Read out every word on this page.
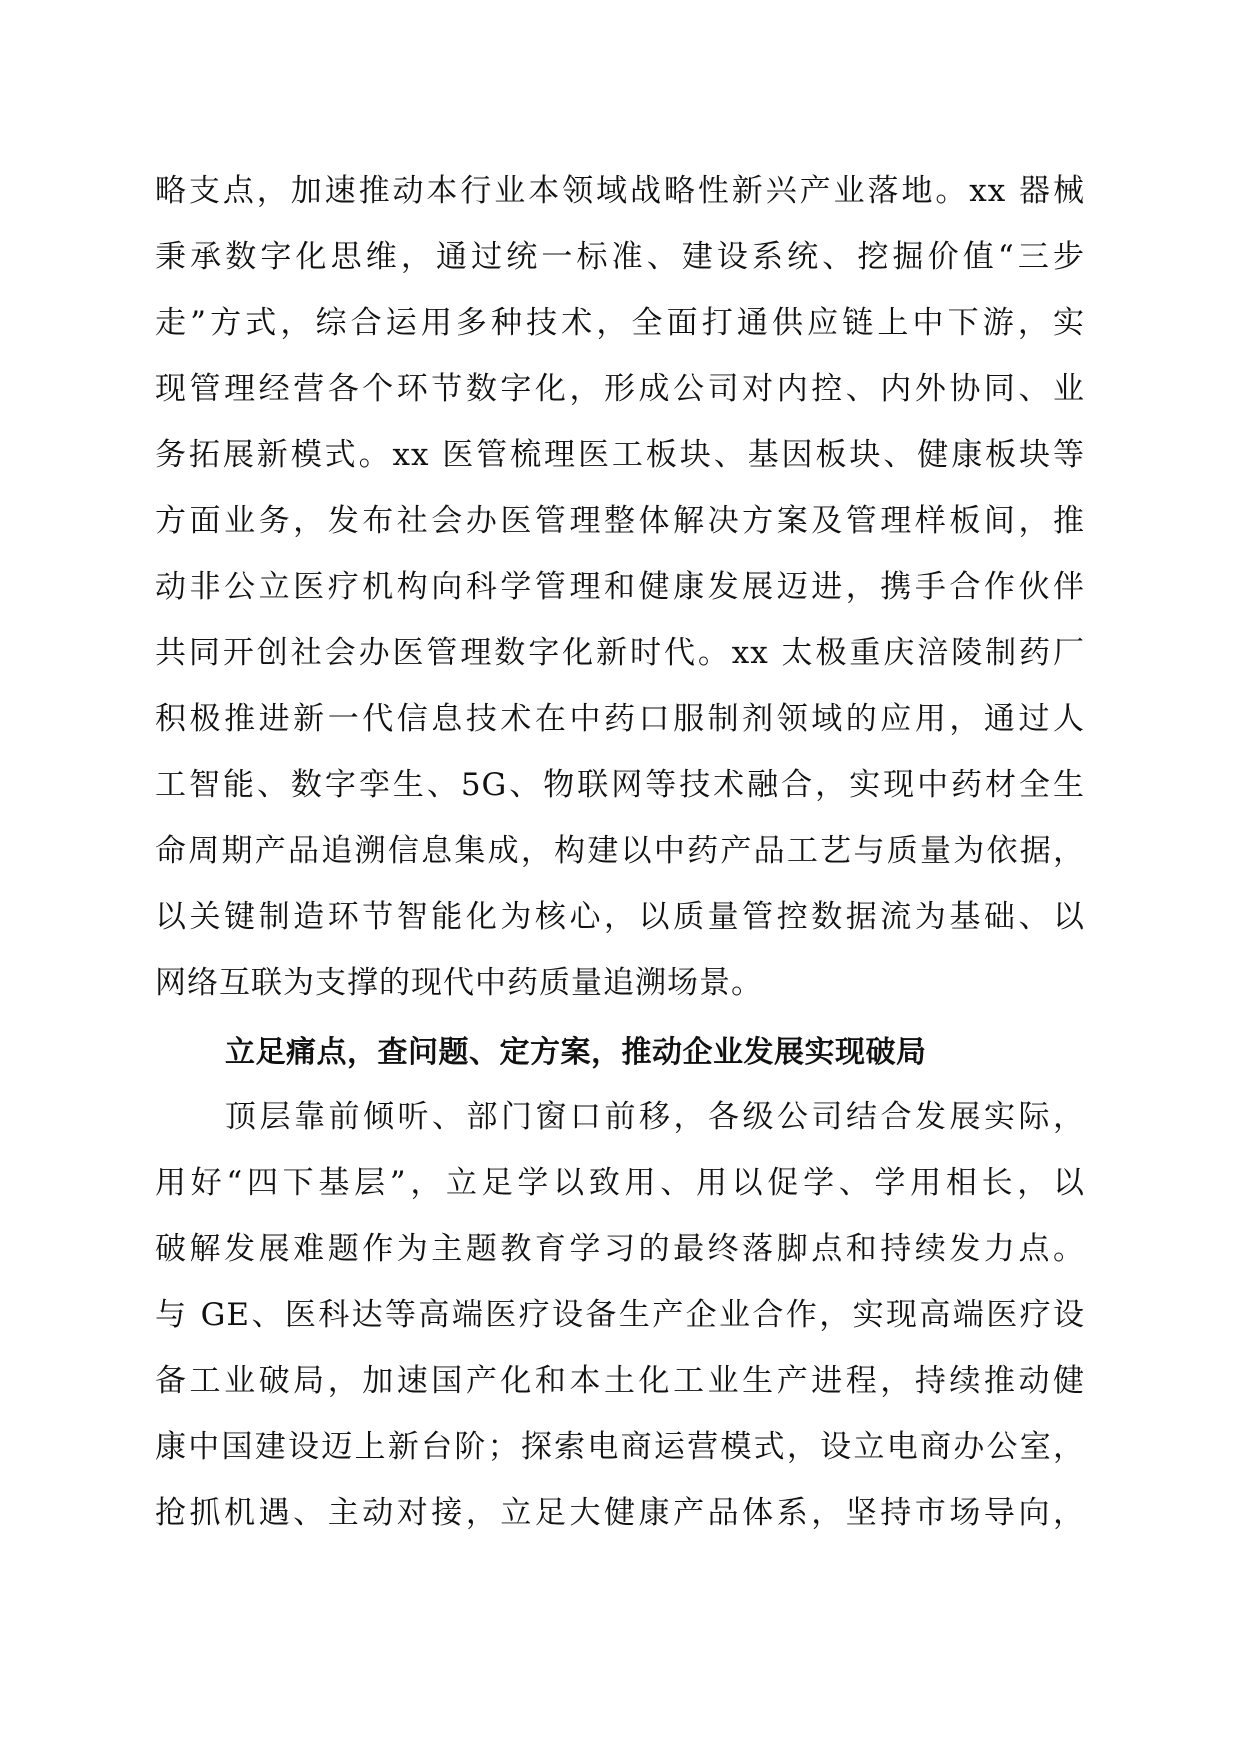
略支点，加速推动本行业本领域战略性新兴产业落地。xx 器械
秉承数字化思维，通过统一标准、建设系统、挖掘价值“三步
走”方式，综合运用多种技术，全面打通供应链上中下游，实
现管理经营各个环节数字化，形成公司对内控、内外协同、业
务拓展新模式。xx 医管梳理医工板块、基因板块、健康板块等
方面业务，发布社会办医管理整体解决方案及管理样板间，推
动非公立医疗机构向科学管理和健康发展迈进，携手合作伙伴
共同开创社会办医管理数字化新时代。xx 太极重庆涪陵制药厂
积极推进新一代信息技术在中药口服制剂领域的应用，通过人
工智能、数字孪生、5G、物联网等技术融合，实现中药材全生
命周期产品追溯信息集成，构建以中药产品工艺与质量为依据，
以关键制造环节智能化为核心，以质量管控数据流为基础、以
网络互联为支撑的现代中药质量追溯场景。
立足痛点，查问题、定方案，推动企业发展实现破局
顶层靠前倾听、部门窗口前移，各级公司结合发展实际，
用好“四下基层”，立足学以致用、用以促学、学用相长，以
破解发展难题作为主题教育学习的最终落脚点和持续发力点。
与 GE、医科达等高端医疗设备生产企业合作，实现高端医疗设
备工业破局，加速国产化和本土化工业生产进程，持续推动健
康中国建设迈上新台阶；探索电商运营模式，设立电商办公室，
抢抓机遇、主动对接，立足大健康产品体系，坚持市场导向，
